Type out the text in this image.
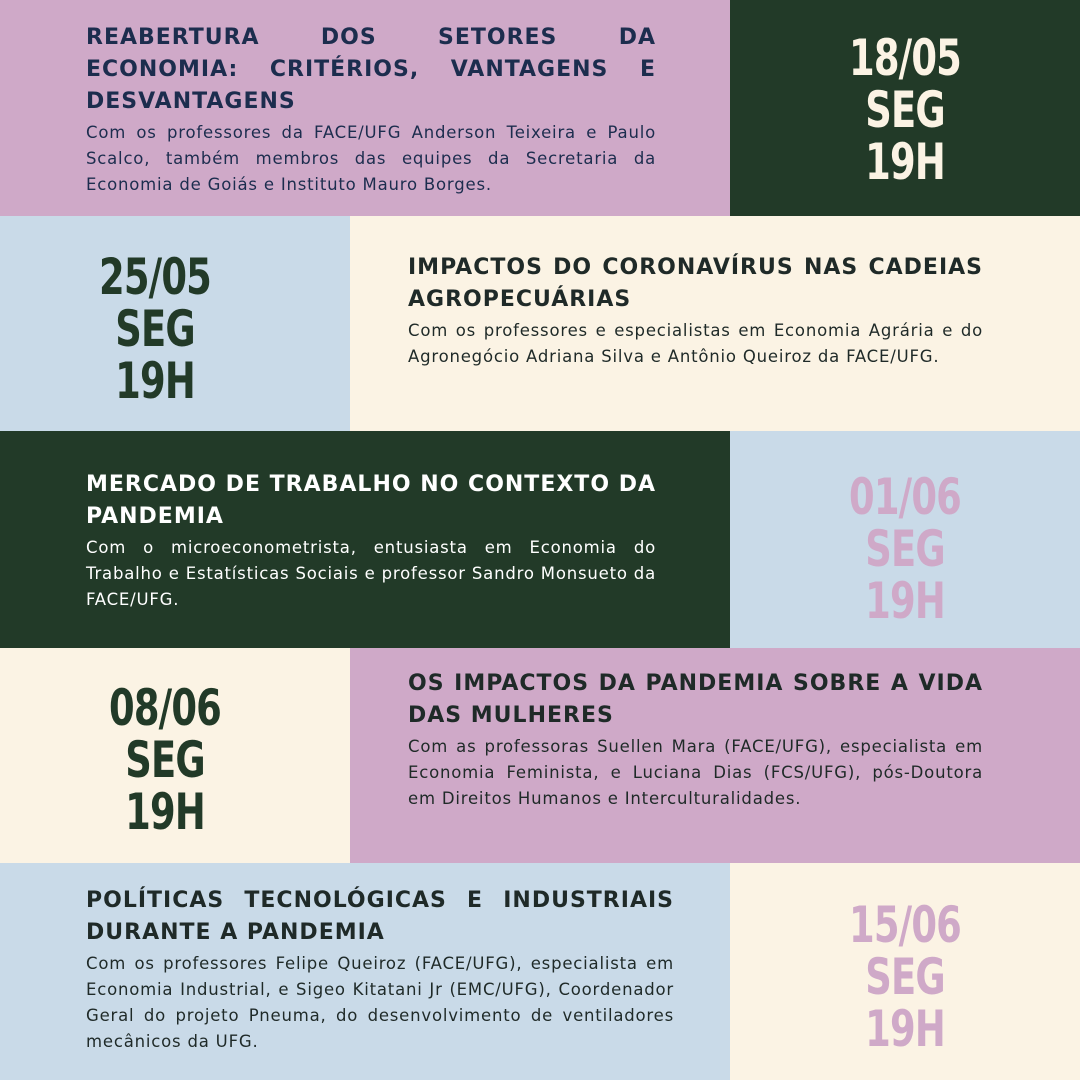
REABERTURA DOS SETORES DA ECONOMIA: CRITÉRIOS, VANTAGENS E DESVANTAGENS

Com os professores da FACE/UFG Anderson Teixeira e Paulo Scalco, também membros das equipes da Secretaria da Economia de Goiás e Instituto Mauro Borges.

18/05
SEG
19H
25/05
SEG
19H

IMPACTOS DO CORONAVÍRUS NAS CADEIAS AGROPECUÁRIAS

Com os professores e especialistas em Economia Agrária e do Agronegócio Adriana Silva e Antônio Queiroz da FACE/UFG.

MERCADO DE TRABALHO NO CONTEXTO DA PANDEMIA

Com o microeconometrista, entusiasta em Economia do Trabalho e Estatísticas Sociais e professor Sandro Monsueto da FACE/UFG.

01/06
SEG
19H
08/06
SEG
19H

OS IMPACTOS DA PANDEMIA SOBRE A VIDA DAS MULHERES

Com as professoras Suellen Mara (FACE/UFG), especialista em Economia Feminista, e Luciana Dias (FCS/UFG), pós-Doutora em Direitos Humanos e Interculturalidades.

POLÍTICAS TECNOLÓGICAS E INDUSTRIAIS DURANTE A PANDEMIA

Com os professores Felipe Queiroz (FACE/UFG), especialista em Economia Industrial, e Sigeo Kitatani Jr (EMC/UFG), Coordenador Geral do projeto Pneuma, do desenvolvimento de ventiladores mecânicos da UFG.

15/06
SEG
19H
